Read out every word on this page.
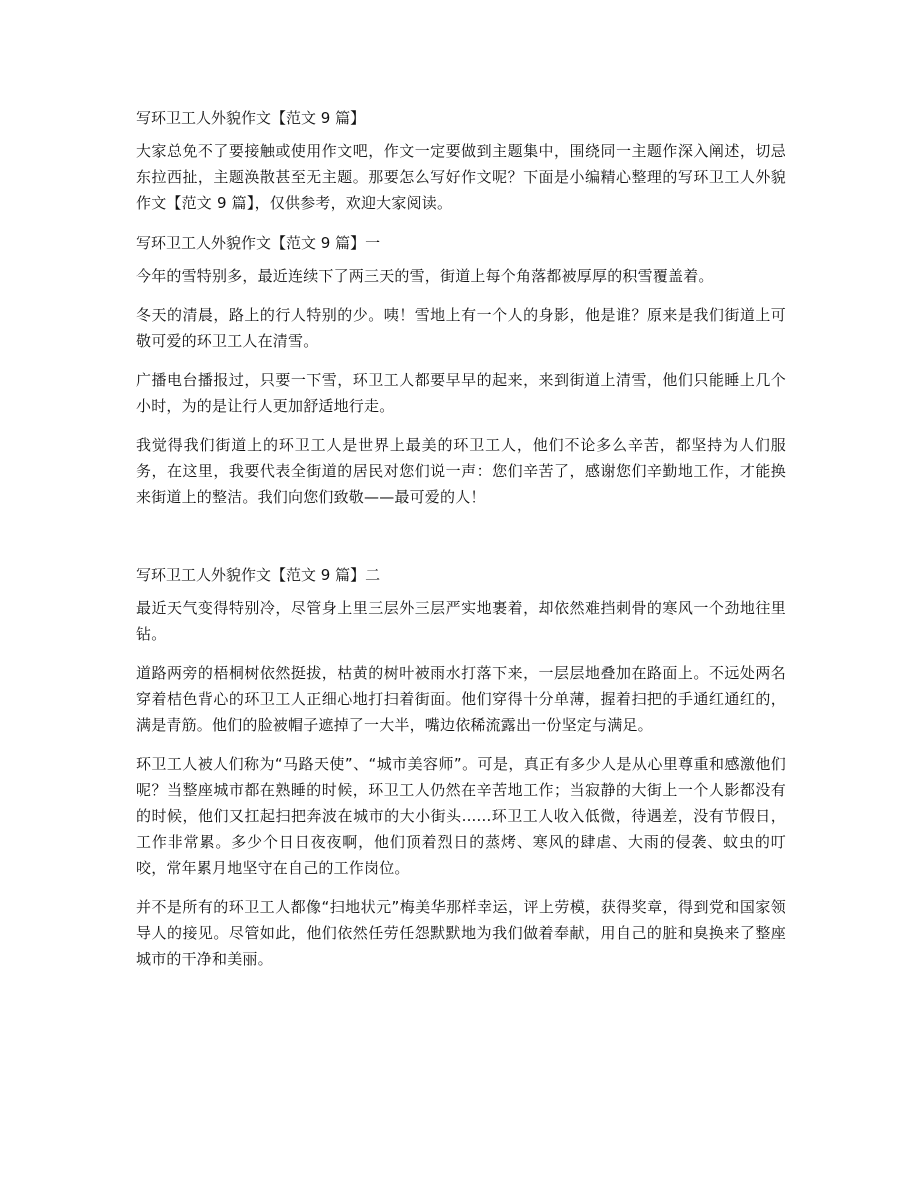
写环卫工人外貌作文【范文 9 篇】

大家总免不了要接触或使用作文吧，作文一定要做到主题集中，围绕同一主题作深入阐述，切忌东拉西扯，主题涣散甚至无主题。那要怎么写好作文呢？下面是小编精心整理的写环卫工人外貌作文【范文 9 篇】，仅供参考，欢迎大家阅读。

写环卫工人外貌作文【范文 9 篇】一

今年的雪特别多，最近连续下了两三天的雪，街道上每个角落都被厚厚的积雪覆盖着。

冬天的清晨，路上的行人特别的少。咦！雪地上有一个人的身影，他是谁？原来是我们街道上可敬可爱的环卫工人在清雪。

广播电台播报过，只要一下雪，环卫工人都要早早的起来，来到街道上清雪，他们只能睡上几个小时，为的是让行人更加舒适地行走。

我觉得我们街道上的环卫工人是世界上最美的环卫工人，他们不论多么辛苦，都坚持为人们服务，在这里，我要代表全街道的居民对您们说一声：您们辛苦了，感谢您们辛勤地工作，才能换来街道上的整洁。我们向您们致敬——最可爱的人！

写环卫工人外貌作文【范文 9 篇】二

最近天气变得特别冷，尽管身上里三层外三层严实地裹着，却依然难挡刺骨的寒风一个劲地往里钻。

道路两旁的梧桐树依然挺拔，枯黄的树叶被雨水打落下来，一层层地叠加在路面上。不远处两名穿着桔色背心的环卫工人正细心地打扫着街面。他们穿得十分单薄，握着扫把的手通红通红的，满是青筋。他们的脸被帽子遮掉了一大半，嘴边依稀流露出一份坚定与满足。

环卫工人被人们称为“马路天使”、“城市美容师”。可是，真正有多少人是从心里尊重和感激他们呢？当整座城市都在熟睡的时候，环卫工人仍然在辛苦地工作；当寂静的大街上一个人影都没有的时候，他们又扛起扫把奔波在城市的大小街头......环卫工人收入低微，待遇差，没有节假日，工作非常累。多少个日日夜夜啊，他们顶着烈日的蒸烤、寒风的肆虐、大雨的侵袭、蚊虫的叮咬，常年累月地坚守在自己的工作岗位。

并不是所有的环卫工人都像“扫地状元”梅美华那样幸运，评上劳模，获得奖章，得到党和国家领导人的接见。尽管如此，他们依然任劳任怨默默地为我们做着奉献，用自己的脏和臭换来了整座城市的干净和美丽。
